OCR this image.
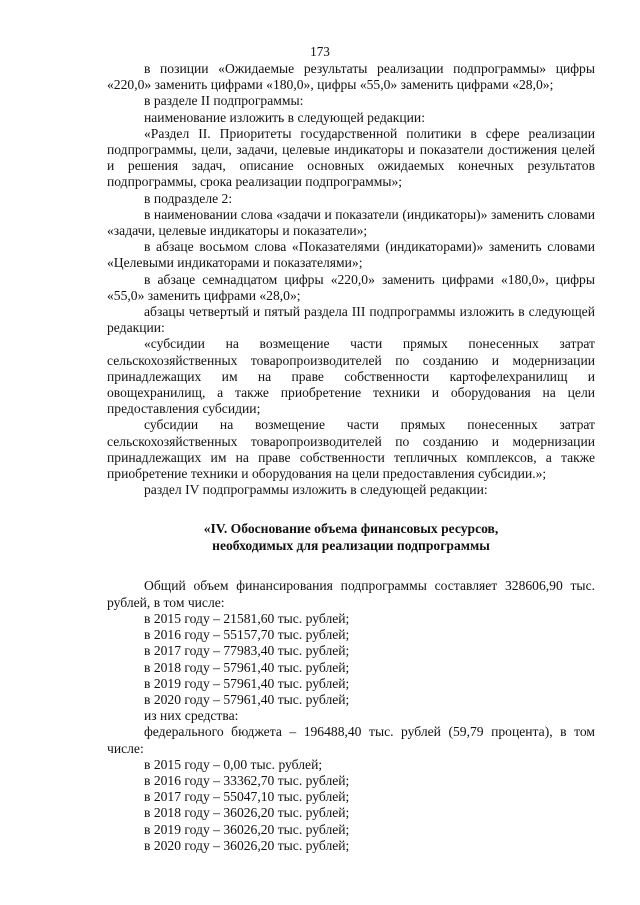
173

в позиции «Ожидаемые результаты реализации подпрограммы» цифры «220,0» заменить цифрами «180,0», цифры «55,0» заменить цифрами «28,0»;

в разделе II подпрограммы:

наименование изложить в следующей редакции:

«Раздел II. Приоритеты государственной политики в сфере реализации подпрограммы, цели, задачи, целевые индикаторы и показатели достижения целей и решения задач, описание основных ожидаемых конечных результатов подпрограммы, срока реализации подпрограммы»;

в подразделе 2:

в наименовании слова «задачи и показатели (индикаторы)» заменить словами «задачи, целевые индикаторы и показатели»;

в абзаце восьмом слова «Показателями (индикаторами)» заменить словами «Целевыми индикаторами и показателями»;

в абзаце семнадцатом цифры «220,0» заменить цифрами «180,0», цифры «55,0» заменить цифрами «28,0»;

абзацы четвертый и пятый раздела III подпрограммы изложить в следующей редакции:

«субсидии на возмещение части прямых понесенных затрат сельскохозяйственных товаропроизводителей по созданию и модернизации принадлежащих им на праве собственности картофелехранилищ и овощехранилищ, а также приобретение техники и оборудования на цели предоставления субсидии;

субсидии на возмещение части прямых понесенных затрат сельскохозяйственных товаропроизводителей по созданию и модернизации принадлежащих им на праве собственности тепличных комплексов, а также приобретение техники и оборудования на цели предоставления субсидии.»;

раздел IV подпрограммы изложить в следующей редакции:

«IV. Обоснование объема финансовых ресурсов,
необходимых для реализации подпрограммы

Общий объем финансирования подпрограммы составляет 328606,90 тыс. рублей, в том числе:

в 2015 году – 21581,60 тыс. рублей;

в 2016 году – 55157,70 тыс. рублей;

в 2017 году – 77983,40 тыс. рублей;

в 2018 году – 57961,40 тыс. рублей;

в 2019 году – 57961,40 тыс. рублей;

в 2020 году – 57961,40 тыс. рублей;

из них средства:

федерального бюджета – 196488,40 тыс. рублей (59,79 процента), в том числе:

в 2015 году – 0,00 тыс. рублей;

в 2016 году – 33362,70 тыс. рублей;

в 2017 году – 55047,10 тыс. рублей;

в 2018 году – 36026,20 тыс. рублей;

в 2019 году – 36026,20 тыс. рублей;

в 2020 году – 36026,20 тыс. рублей;
